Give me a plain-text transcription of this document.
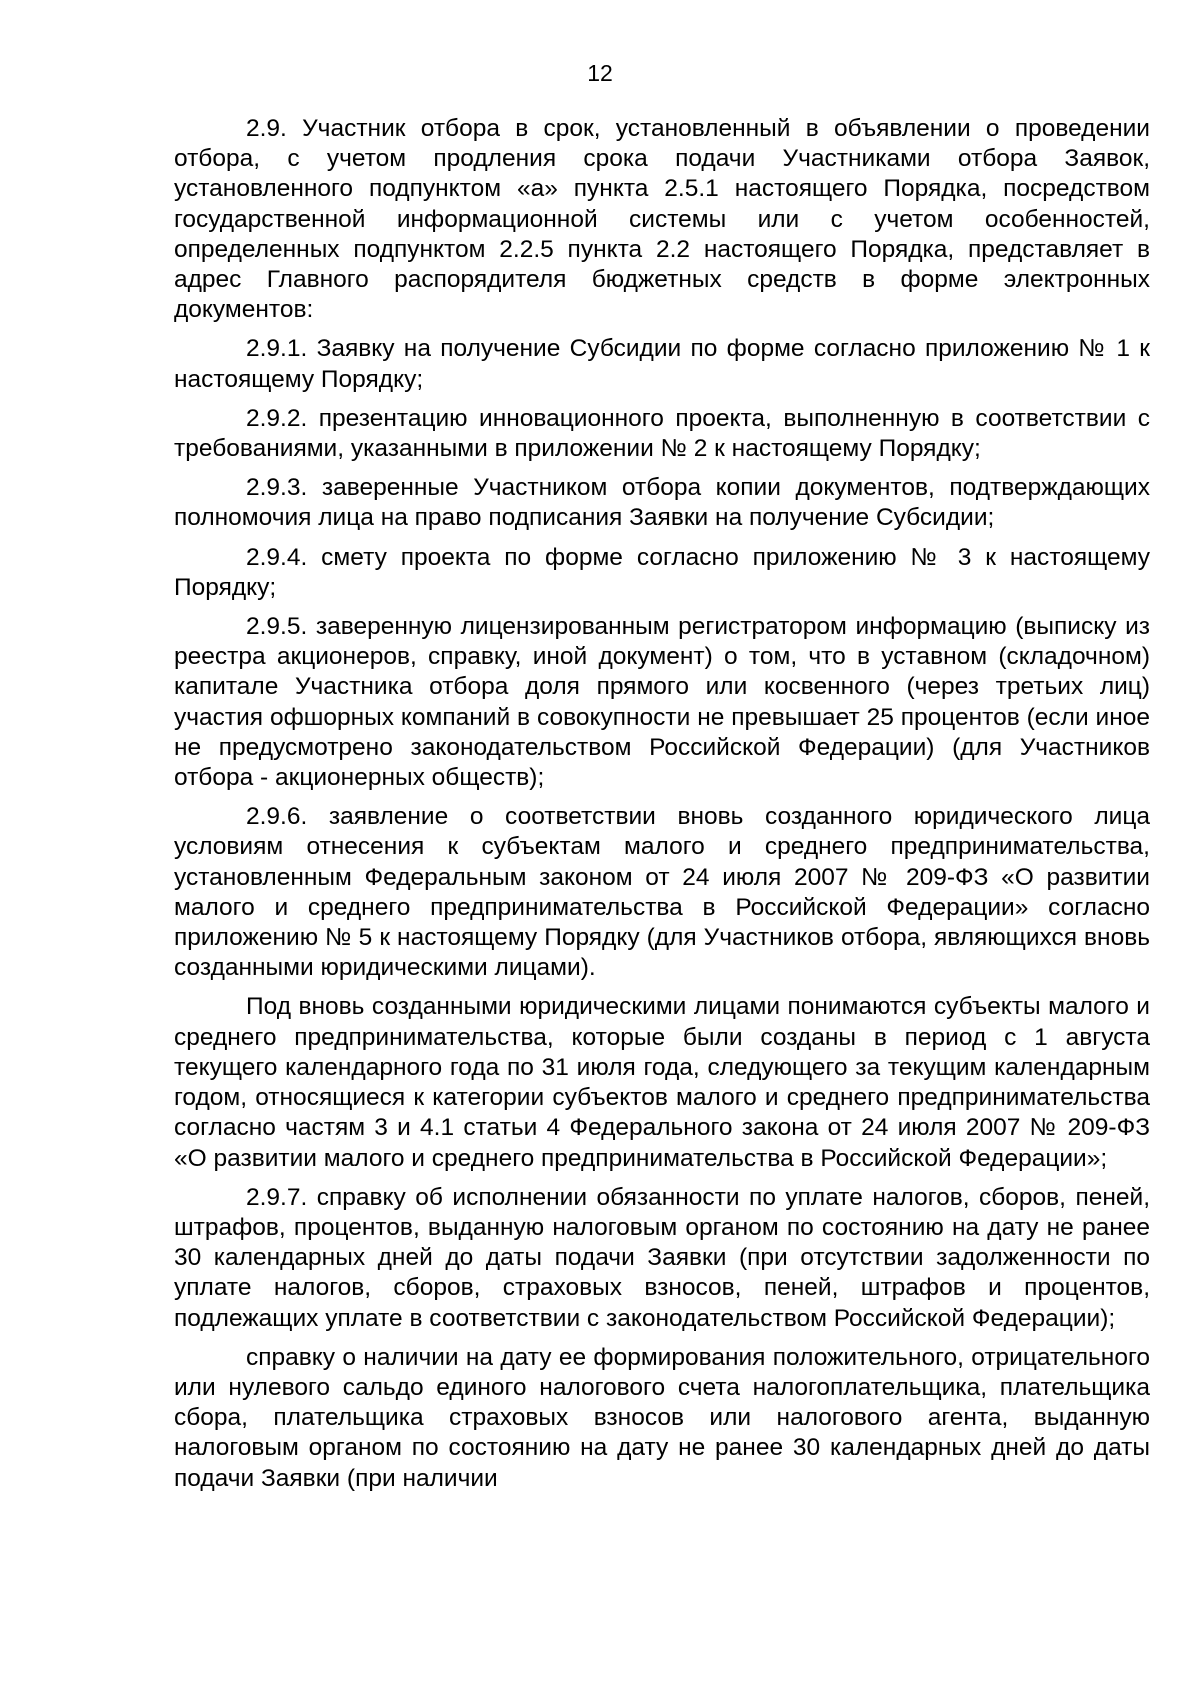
12

2.9. Участник отбора в срок, установленный в объявлении о проведении отбора, с учетом продления срока подачи Участниками отбора Заявок, установленного подпунктом «а» пункта 2.5.1 настоящего Порядка, посредством государственной информационной системы или с учетом особенностей, определенных подпунктом 2.2.5 пункта 2.2 настоящего Порядка, представляет в адрес Главного распорядителя бюджетных средств в форме электронных документов:

2.9.1. Заявку на получение Субсидии по форме согласно приложению № 1 к настоящему Порядку;

2.9.2. презентацию инновационного проекта, выполненную в соответствии с требованиями, указанными в приложении № 2 к настоящему Порядку;

2.9.3. заверенные Участником отбора копии документов, подтверждающих полномочия лица на право подписания Заявки на получение Субсидии;

2.9.4. смету проекта по форме согласно приложению № 3 к настоящему Порядку;

2.9.5. заверенную лицензированным регистратором информацию (выписку из реестра акционеров, справку, иной документ) о том, что в уставном (складочном) капитале Участника отбора доля прямого или косвенного (через третьих лиц) участия офшорных компаний в совокупности не превышает 25 процентов (если иное не предусмотрено законодательством Российской Федерации) (для Участников отбора - акционерных обществ);

2.9.6. заявление о соответствии вновь созданного юридического лица условиям отнесения к субъектам малого и среднего предпринимательства, установленным Федеральным законом от 24 июля 2007 № 209-ФЗ «О развитии малого и среднего предпринимательства в Российской Федерации» согласно приложению № 5 к настоящему Порядку (для Участников отбора, являющихся вновь созданными юридическими лицами).

Под вновь созданными юридическими лицами понимаются субъекты малого и среднего предпринимательства, которые были созданы в период с 1 августа текущего календарного года по 31 июля года, следующего за текущим календарным годом, относящиеся к категории субъектов малого и среднего предпринимательства согласно частям 3 и 4.1 статьи 4 Федерального закона от 24 июля 2007 № 209-ФЗ «О развитии малого и среднего предпринимательства в Российской Федерации»;

2.9.7. справку об исполнении обязанности по уплате налогов, сборов, пеней, штрафов, процентов, выданную налоговым органом по состоянию на дату не ранее 30 календарных дней до даты подачи Заявки (при отсутствии задолженности по уплате налогов, сборов, страховых взносов, пеней, штрафов и процентов, подлежащих уплате в соответствии с законодательством Российской Федерации);

справку о наличии на дату ее формирования положительного, отрицательного или нулевого сальдо единого налогового счета налогоплательщика, плательщика сбора, плательщика страховых взносов или налогового агента, выданную налоговым органом по состоянию на дату не ранее 30 календарных дней до даты подачи Заявки (при наличии
